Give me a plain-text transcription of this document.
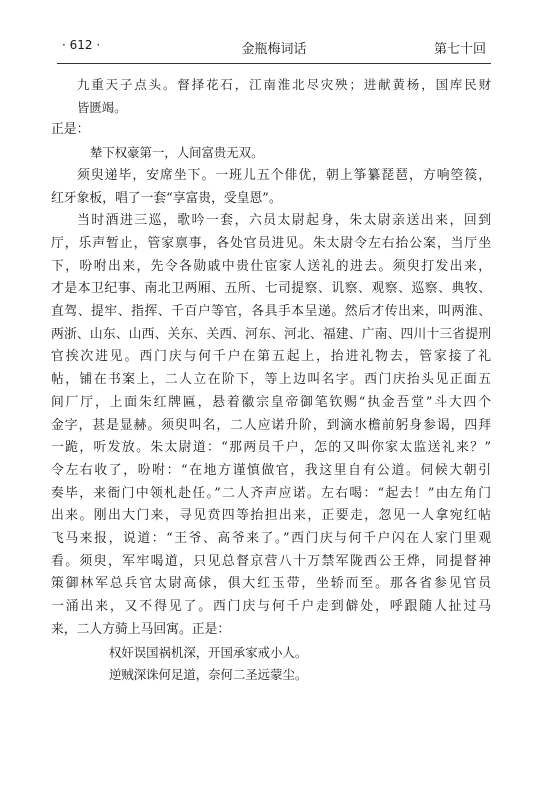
· 612 ·	金瓶梅词话	第七十回
九重天子点头。督择花石，江南淮北尽灾殃；进献黄杨，国库民财
皆匮竭。
正是：
辇下权豪第一，人间富贵无双。
须臾递毕，安席坐下。一班儿五个俳优，朝上筝纂琵琶，方响箜篌，
红牙象板，唱了一套“享富贵，受皇恩”。
当时酒进三巡，歌吟一套，六员太尉起身，朱太尉亲送出来，回到
厅，乐声暂止，管家禀事，各处官员进见。朱太尉令左右抬公案，当厅坐
下，吩咐出来，先令各勋戚中贵仕宦家人送礼的进去。须臾打发出来，
才是本卫纪事、南北卫两厢、五所、七司提察、讥察、观察、巡察、典牧、
直驾、提牢、指挥、千百户等官，各具手本呈递。然后才传出来，叫两淮、
两浙、山东、山西、关东、关西、河东、河北、福建、广南、四川十三省提刑
官挨次进见。西门庆与何千户在第五起上，抬进礼物去，管家接了礼
帖，铺在书案上，二人立在阶下，等上边叫名字。西门庆抬头见正面五
间厂厅，上面朱红牌匾，悬着徽宗皇帝御笔钦赐“执金吾堂”斗大四个
金字，甚是显赫。须臾叫名，二人应诺升阶，到滴水檐前躬身参谒，四拜
一跪，听发放。朱太尉道：“那两员千户，怎的又叫你家太监送礼来？”
令左右收了，吩咐：“在地方谨慎做官，我这里自有公道。伺候大朝引
奏毕，来衙门中领札赴任。”二人齐声应诺。左右喝：“起去！”由左角门
出来。刚出大门来，寻见贲四等抬担出来，正要走，忽见一人拿宛红帖
飞马来报，说道：“王爷、高爷来了。”西门庆与何千户闪在人家门里观
看。须臾，军牢喝道，只见总督京营八十万禁军陇西公王烨，同提督神
策御林军总兵官太尉高俅，俱大红玉带，坐轿而至。那各省参见官员
一涌出来，又不得见了。西门庆与何千户走到僻处，呼跟随人扯过马
来，二人方骑上马回寓。正是：
权奸误国祸机深，开国承家戒小人。
逆贼深诛何足道，奈何二圣远蒙尘。
